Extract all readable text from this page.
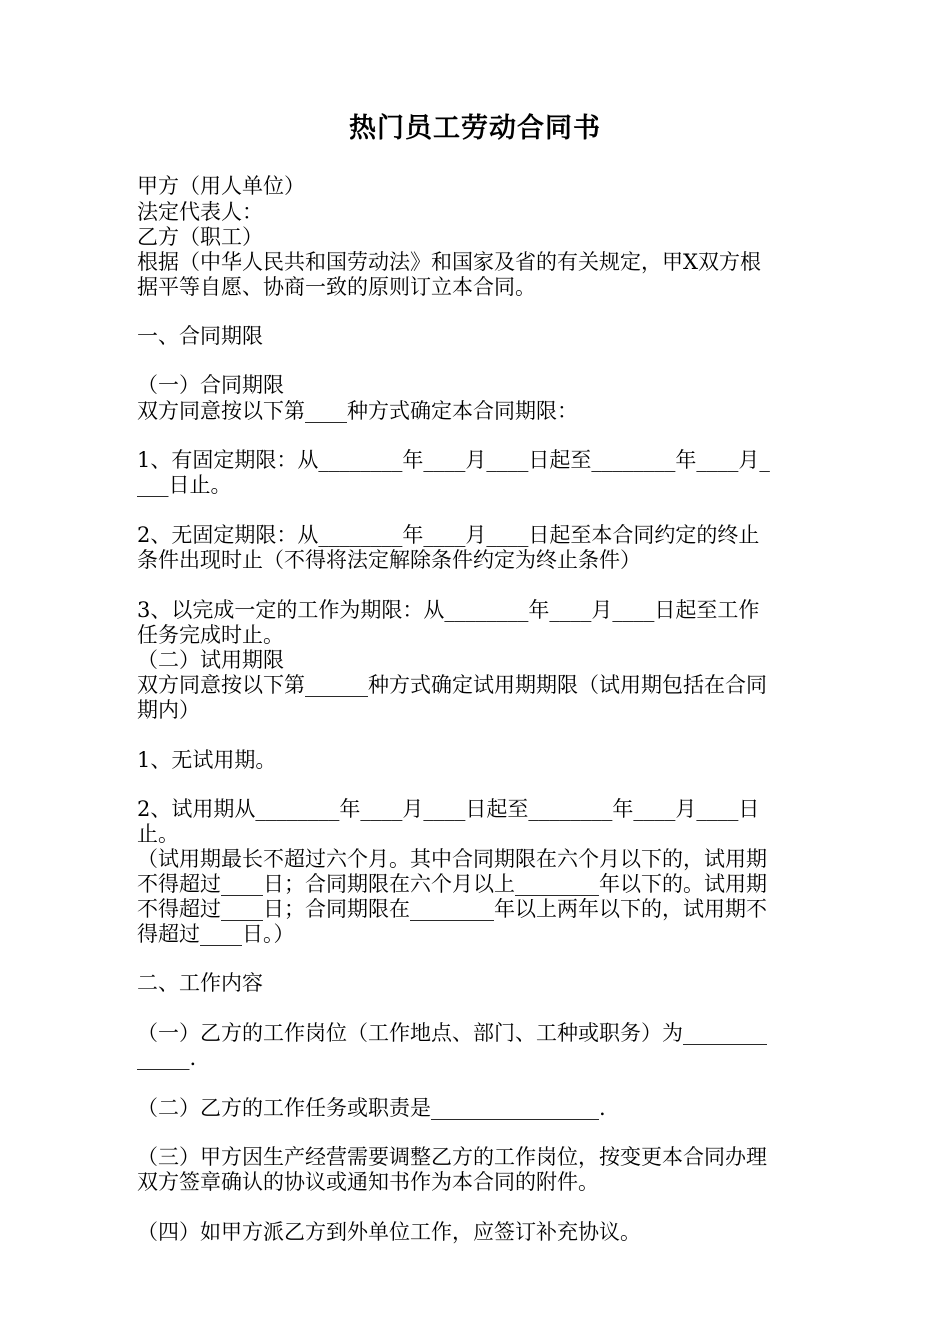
热门员工劳动合同书
甲方（用人单位）
法定代表人：
乙方（职工）
根据（中华人民共和国劳动法》和国家及省的有关规定，甲X双方根
据平等自愿、协商一致的原则订立本合同。
一、合同期限
（一）合同期限
双方同意按以下第____种方式确定本合同期限：
1、有固定期限：从________年____月____日起至________年____月_
___日止。
2、无固定期限：从________年____月____日起至本合同约定的终止
条件出现时止（不得将法定解除条件约定为终止条件）
3、以完成一定的工作为期限：从________年____月____日起至工作
任务完成时止。
（二）试用期限
双方同意按以下第______种方式确定试用期期限（试用期包括在合同
期内）
1、无试用期。
2、试用期从________年____月____日起至________年____月____日
止。
（试用期最长不超过六个月。其中合同期限在六个月以下的，试用期
不得超过____日；合同期限在六个月以上________年以下的。试用期
不得超过____日；合同期限在________年以上两年以下的，试用期不
得超过____日。）
二、工作内容
（一）乙方的工作岗位（工作地点、部门、工种或职务）为________
_____.
（二）乙方的工作任务或职责是________________.
（三）甲方因生产经营需要调整乙方的工作岗位，按变更本合同办理
双方签章确认的协议或通知书作为本合同的附件。
（四）如甲方派乙方到外单位工作，应签订补充协议。
